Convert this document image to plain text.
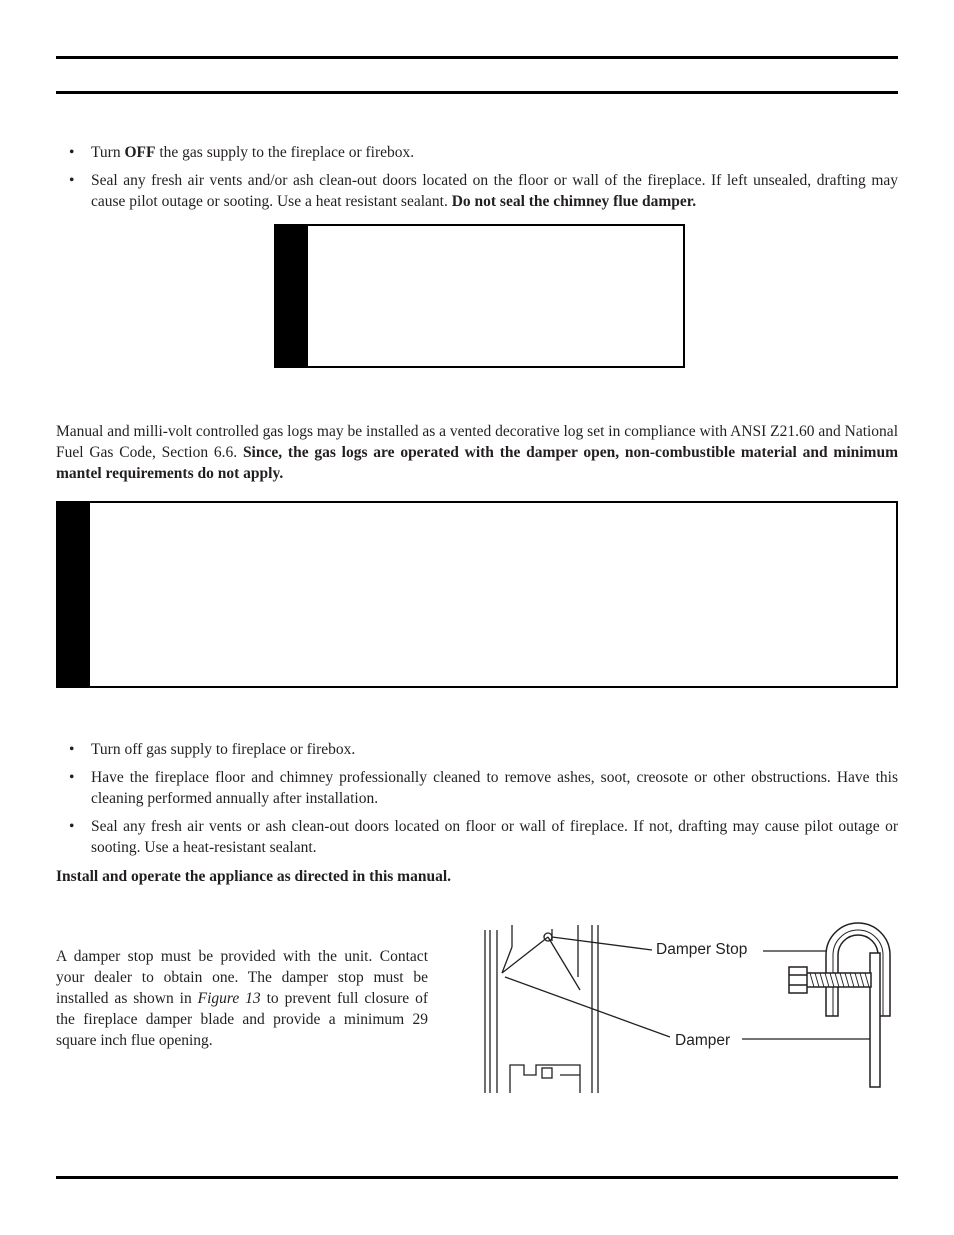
• Turn OFF the gas supply to the fireplace or firebox.
• Seal any fresh air vents and/or ash clean-out doors located on the floor or wall of the fireplace. If left unsealed, drafting may cause pilot outage or sooting. Use a heat resistant sealant. Do not seal the chimney flue damper.
Manual and milli-volt controlled gas logs may be installed as a vented decorative log set in compliance with ANSI Z21.60 and National Fuel Gas Code, Section 6.6. Since, the gas logs are operated with the damper open, non-combustible material and minimum mantel requirements do not apply.
• Turn off gas supply to fireplace or firebox.
• Have the fireplace floor and chimney professionally cleaned to remove ashes, soot, creosote or other obstructions. Have this cleaning performed annually after installation.
• Seal any fresh air vents or ash clean-out doors located on floor or wall of fireplace. If not, drafting may cause pilot outage or sooting. Use a heat-resistant sealant.
Install and operate the appliance as directed in this manual.
A damper stop must be provided with the unit. Contact your dealer to obtain one. The damper stop must be installed as shown in Figure 13 to prevent full closure of the fireplace damper blade and provide a minimum 29 square inch flue opening.
Damper Stop
Damper
